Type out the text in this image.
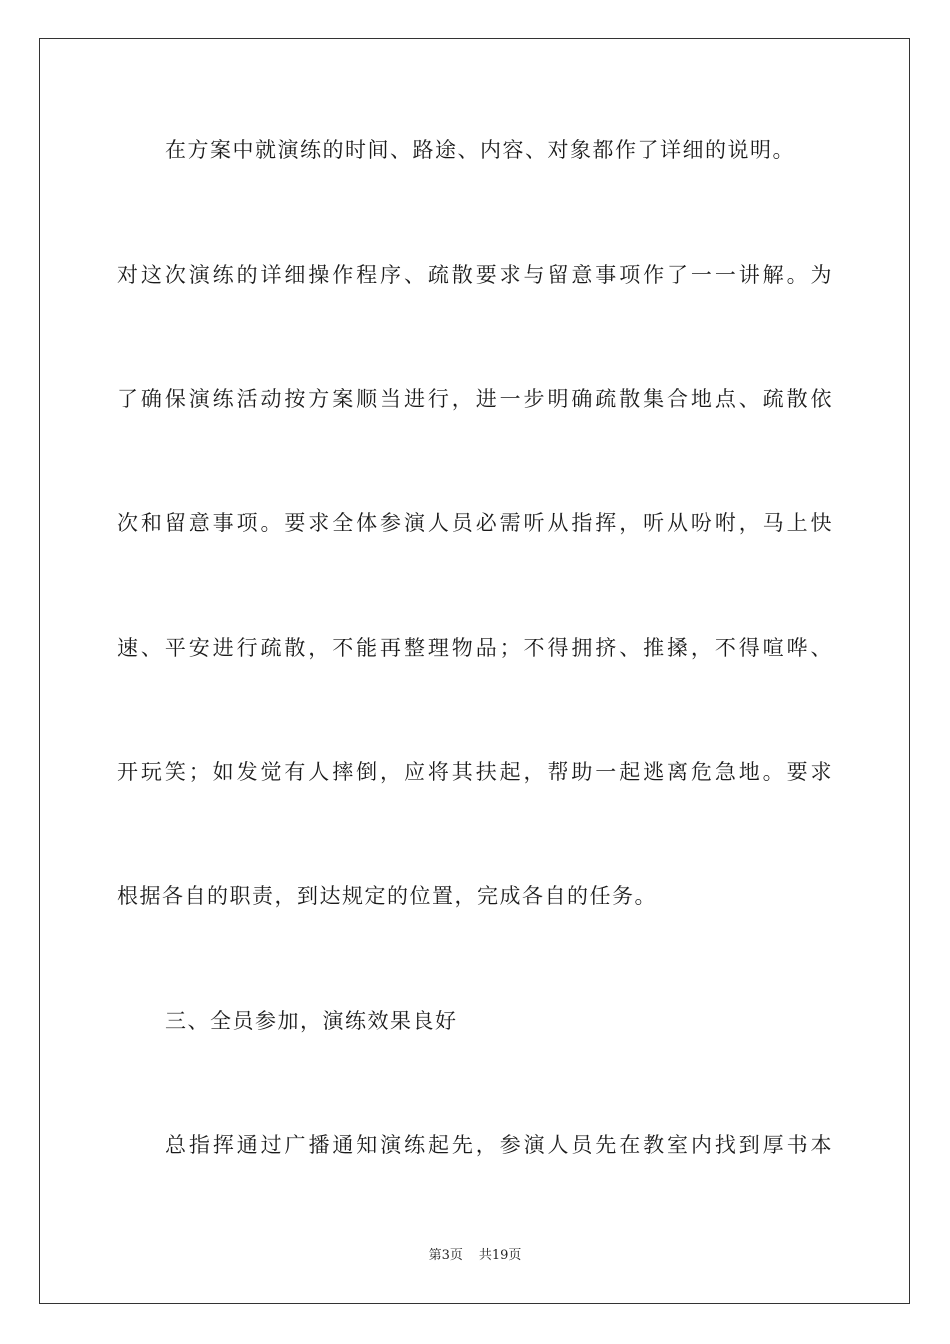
在方案中就演练的时间、路途、内容、对象都作了详细的说明。
对这次演练的详细操作程序、疏散要求与留意事项作了一一讲解。为
了确保演练活动按方案顺当进行，进一步明确疏散集合地点、疏散依
次和留意事项。要求全体参演人员必需听从指挥，听从吩咐，马上快
速、平安进行疏散，不能再整理物品；不得拥挤、推搡，不得喧哗、
开玩笑；如发觉有人摔倒，应将其扶起，帮助一起逃离危急地。要求
根据各自的职责，到达规定的位置，完成各自的任务。
三、全员参加，演练效果良好
总指挥通过广播通知演练起先，参演人员先在教室内找到厚书本
第3页 共19页
